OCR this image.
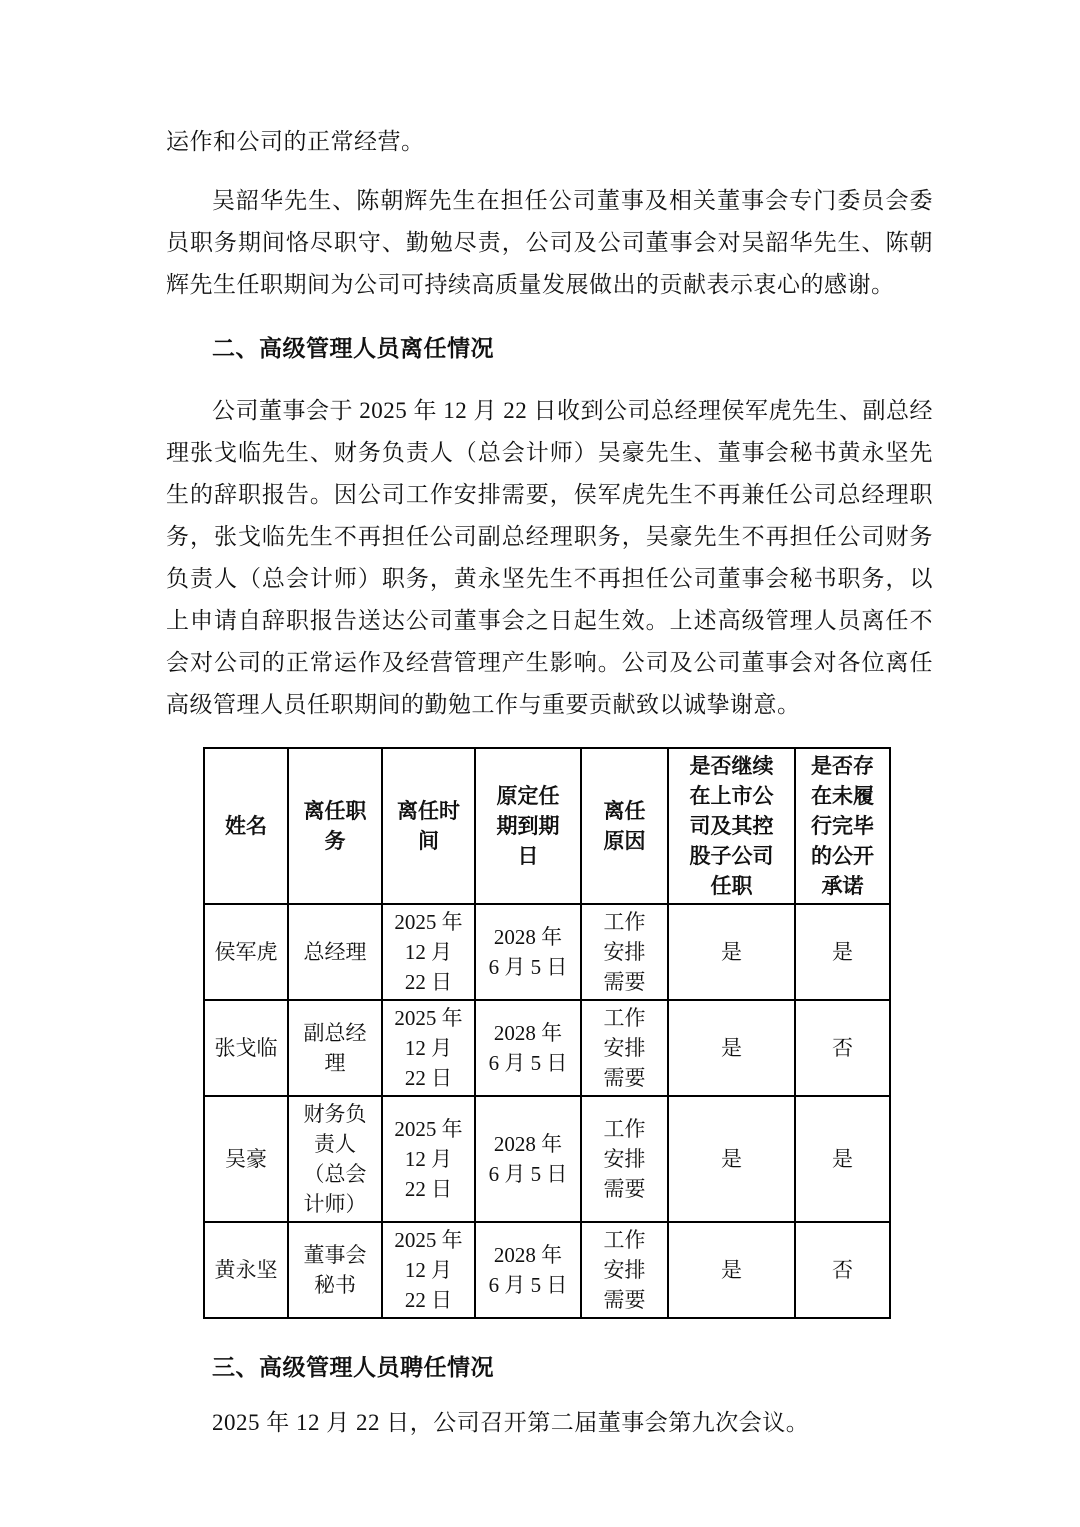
运作和公司的正常经营。

吴韶华先生、陈朝辉先生在担任公司董事及相关董事会专门委员会委员职务期间恪尽职守、勤勉尽责，公司及公司董事会对吴韶华先生、陈朝辉先生任职期间为公司可持续高质量发展做出的贡献表示衷心的感谢。

二、高级管理人员离任情况

公司董事会于 2025 年 12 月 22 日收到公司总经理侯军虎先生、副总经理张戈临先生、财务负责人（总会计师）吴豪先生、董事会秘书黄永坚先生的辞职报告。因公司工作安排需要，侯军虎先生不再兼任公司总经理职务，张戈临先生不再担任公司副总经理职务，吴豪先生不再担任公司财务负责人（总会计师）职务，黄永坚先生不再担任公司董事会秘书职务，以上申请自辞职报告送达公司董事会之日起生效。上述高级管理人员离任不会对公司的正常运作及经营管理产生影响。公司及公司董事会对各位离任高级管理人员任职期间的勤勉工作与重要贡献致以诚挚谢意。

姓名	离任职务	离任时间	原定任期到期日	离任原因	是否继续在上市公司及其控股子公司任职	是否存在未履行完毕的公开承诺
侯军虎	总经理	2025 年 12 月 22 日	2028 年 6 月 5 日	工作安排需要	是	是
张戈临	副总经理	2025 年 12 月 22 日	2028 年 6 月 5 日	工作安排需要	是	否
吴豪	财务负责人（总会计师）	2025 年 12 月 22 日	2028 年 6 月 5 日	工作安排需要	是	是
黄永坚	董事会秘书	2025 年 12 月 22 日	2028 年 6 月 5 日	工作安排需要	是	否
三、高级管理人员聘任情况

2025 年 12 月 22 日，公司召开第二届董事会第九次会议。
